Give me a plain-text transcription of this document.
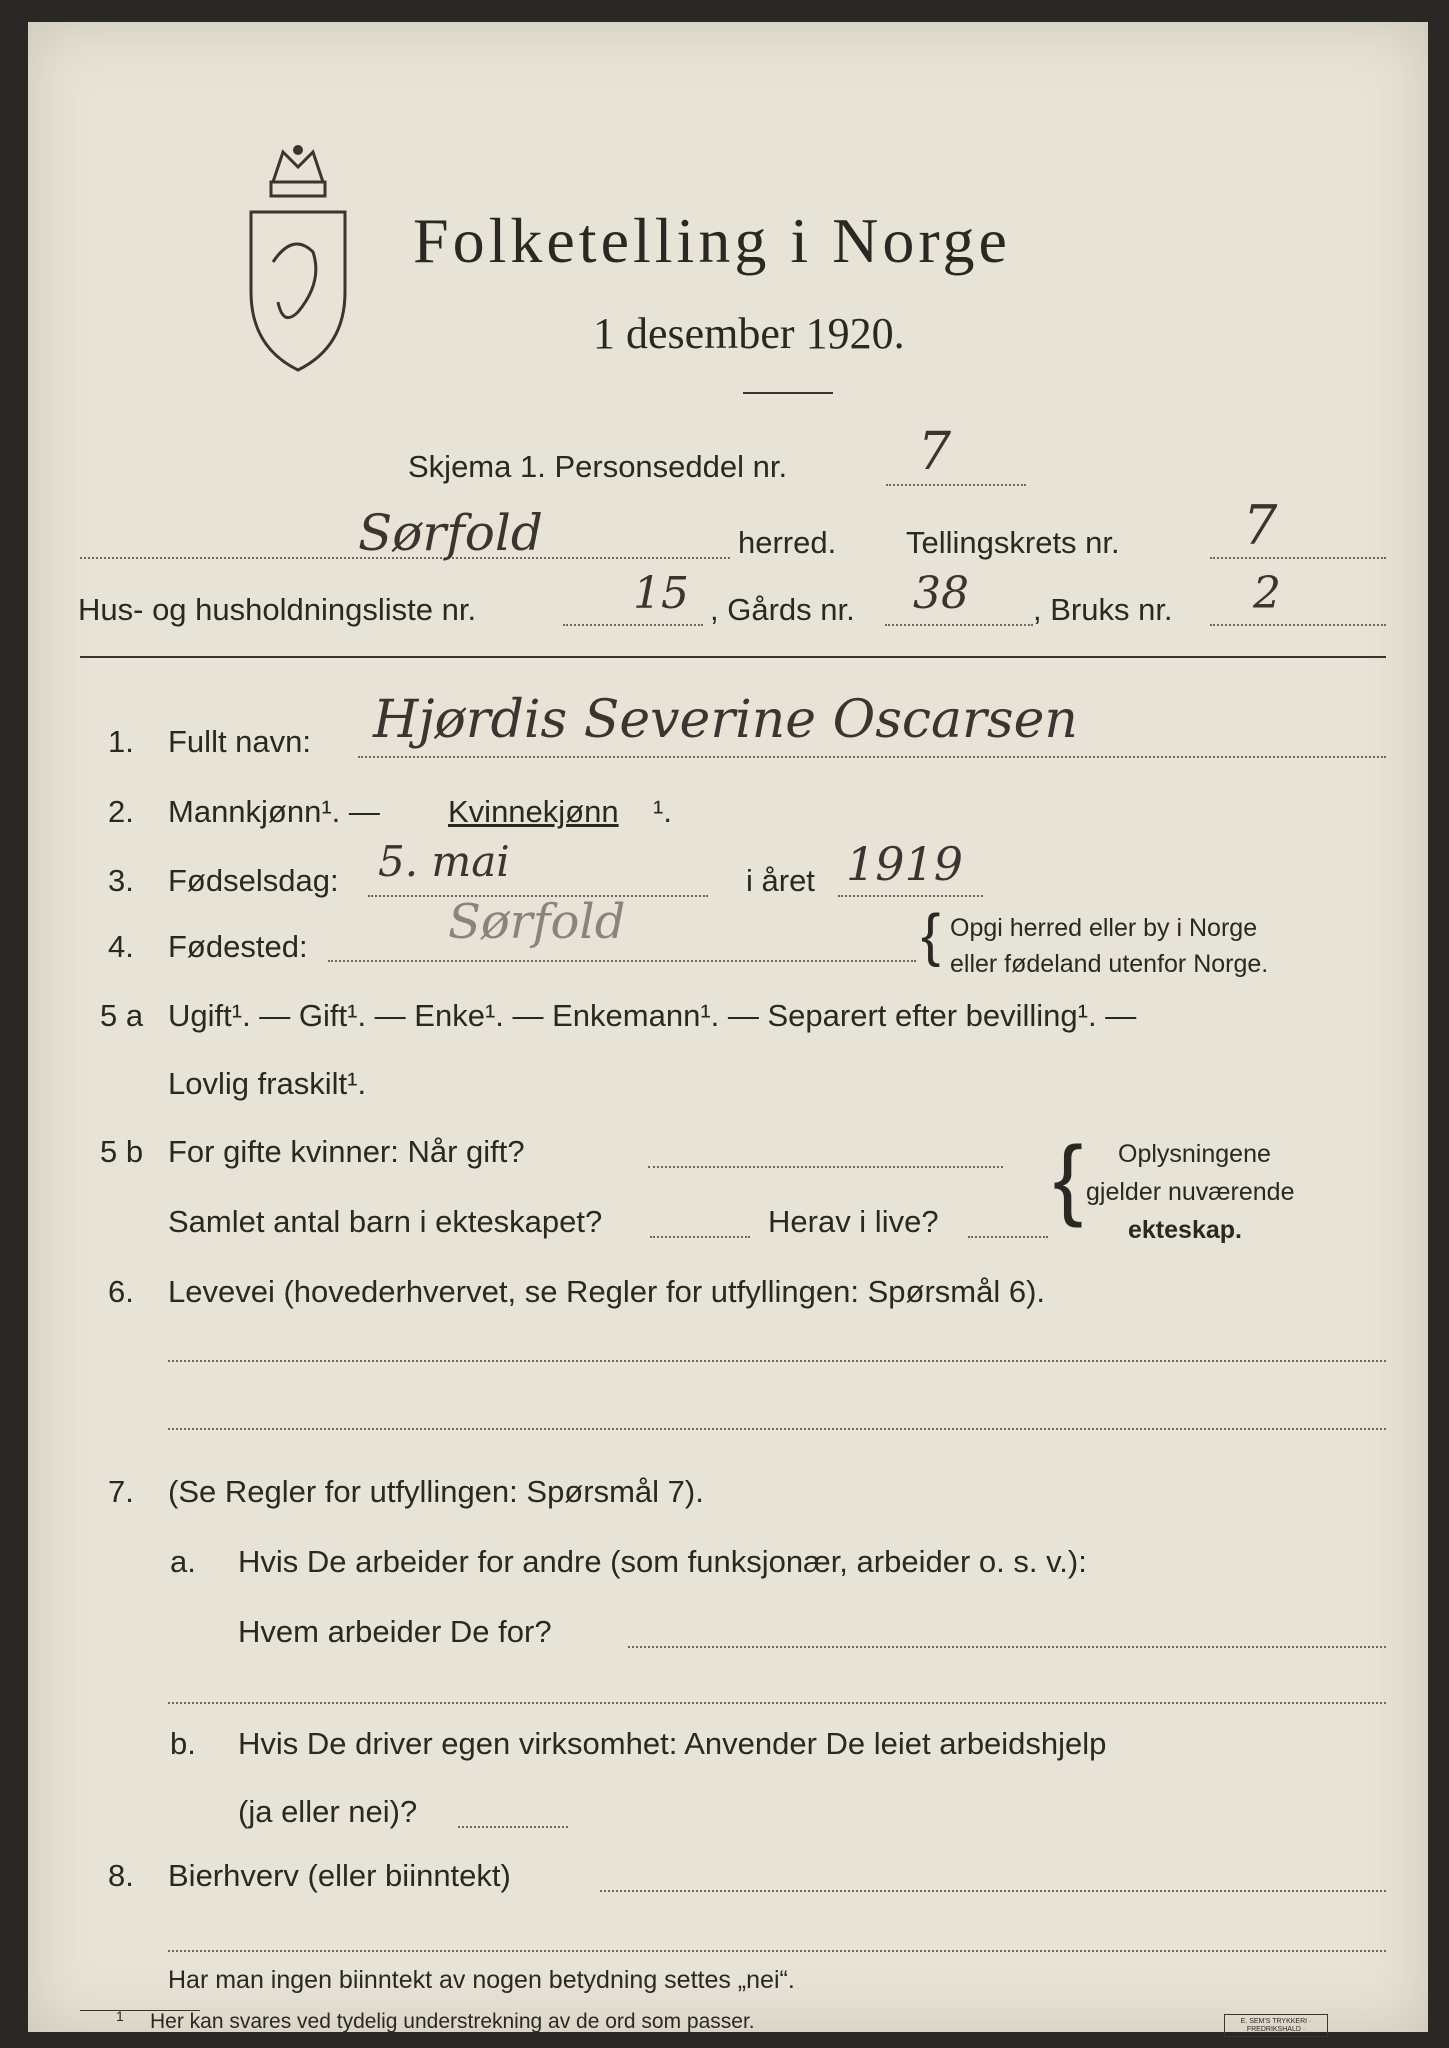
Folketelling i Norge
1 desember 1920.
Skjema 1. Personseddel nr.	7
Sørfold	herred. Tellingskrets nr. 7
Hus- og husholdningsliste nr.	15 , Gårds nr. 38 , Bruks nr. 2
1. Fullt navn: Hjørdis Severine Oscarsen
2. Mannkjønn¹. — Kvinnekjønn ¹.
3. Fødselsdag: 5. mai	i året 1919
4. Fødested:	Sørfold	{ Opgi herred eller by i Norge
eller fødeland utenfor Norge.
5 a Ugift¹. — Gift¹. — Enke¹. — Enkemann¹. — Separert efter bevilling¹. —
Lovlig fraskilt¹.
5 b For gifte kvinner: Når gift?
Samlet antal barn i ekteskapet?	Herav i live? { Oplysningene
gjelder nuværende
ekteskap.
6. Levevei (hovederhvervet, se Regler for utfyllingen: Spørsmål 6).
7. (Se Regler for utfyllingen: Spørsmål 7).
a. Hvis De arbeider for andre (som funksjonær, arbeider o. s. v.):
Hvem arbeider De for?
b. Hvis De driver egen virksomhet: Anvender De leiet arbeidshjelp
(ja eller nei)?
8. Bierhverv (eller biinntekt)
Har man ingen biinntekt av nogen betydning settes „nei“.
1 Her kan svares ved tydelig understrekning av de ord som passer.	E. SEM'S TRYKKERI · FREDRIKSHALD ·
